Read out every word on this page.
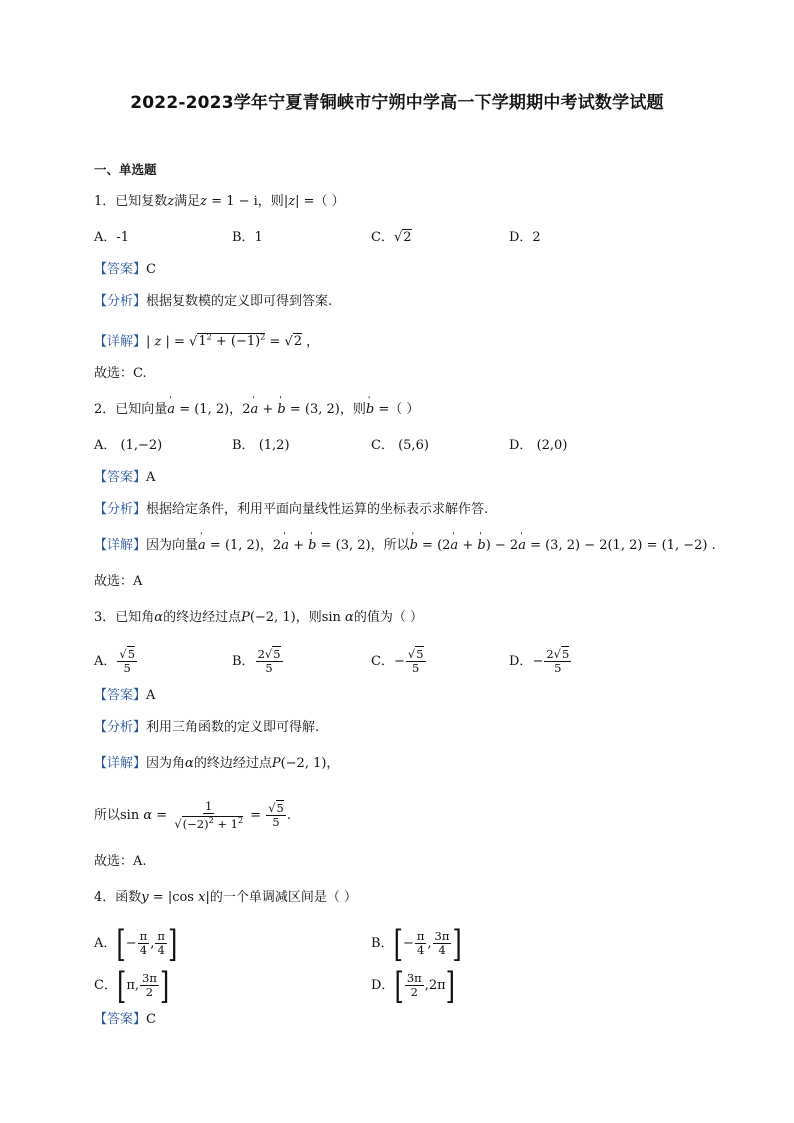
2022-2023学年宁夏青铜峡市宁朔中学高一下学期期中考试数学试题
一、单选题
1．已知复数z满足z = 1 − i，则|z| =（ ）
A．-1	B．1	C．√2	D．2
【答案】C
【分析】根据复数模的定义即可得到答案.
【详解】| z | = $√1^2 + (-1)^2 = √2$ ，
故选：C.
2．已知向量' a = (1, 2)，2' a + ' b = (3, 2)，则' b =（ ）
A． (1,−2)	B． (1,2)	C． (5,6)	D． (2,0)
【答案】A
【分析】根据给定条件，利用平面向量线性运算的坐标表示求解作答.
【详解】因为向量' a = (1, 2)，2' a + ' b = (3, 2)，所以' b = (2' a + ' b) − 2' a = (3, 2) − 2(1, 2) = (1, −2) .
故选：A
3．已知角α的终边经过点P(−2, 1)，则sin α的值为（ ）
A． $\frac{√5}{5}$	B． $\frac{2√5}{5}$	C．− $\frac{√5}{5}$	D．− $\frac{2√5}{5}$
【答案】A
【分析】利用三角函数的定义即可得解.
【详解】因为角α的终边经过点P(−2, 1)，
所以$\sin \alpha = \frac{1}{√(-2)^2 + 1^2} = \frac{√5}{5}$ .
故选：A.
4．函数y = |cos x|的一个单调减区间是（ ）
A．[− $\frac{\pi}{4}$ , $\frac{\pi}{4}$ ]	B．[− $\frac{\pi}{4}$ , $\frac{3\pi}{4}$ ]
C．[π, $\frac{3\pi}{2}$ ]	D．[ $\frac{3\pi}{2} ,2\pi$]
【答案】C
